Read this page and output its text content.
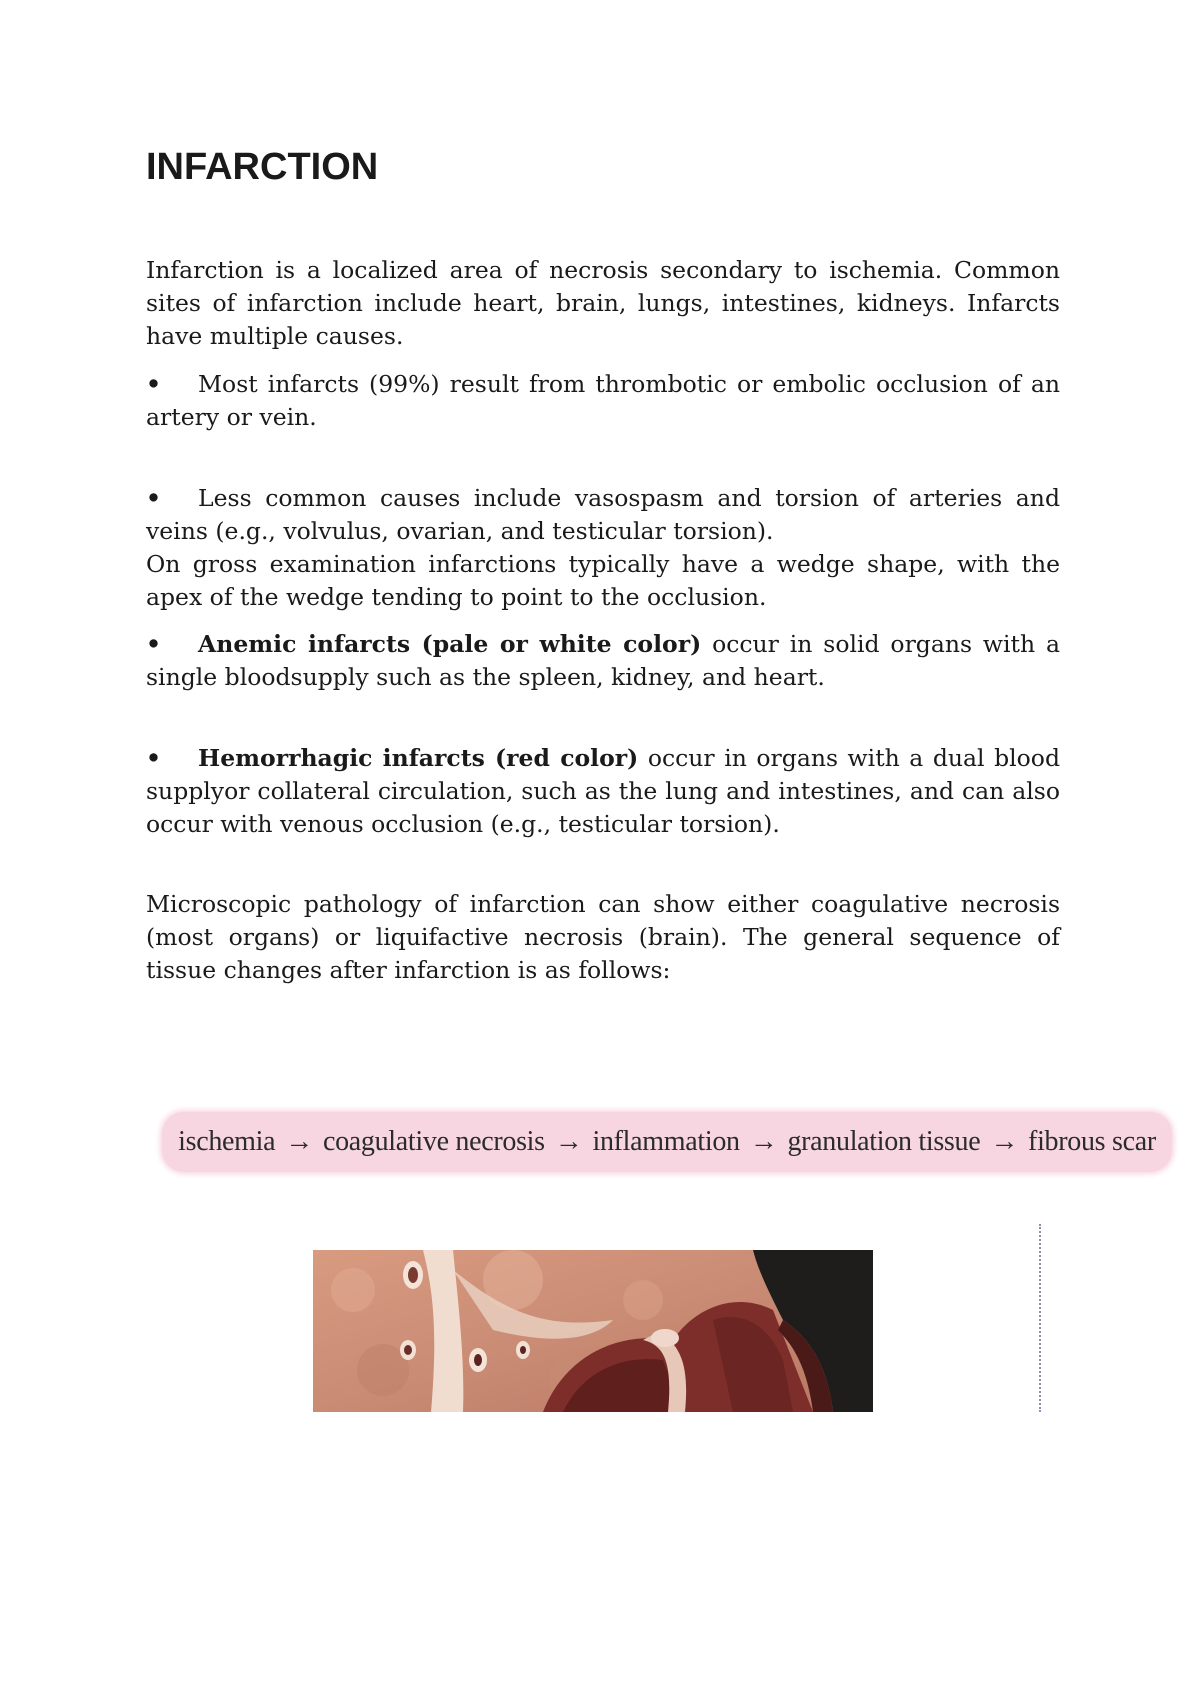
INFARCTION

Infarction is a localized area of necrosis secondary to ischemia. Common sites of infarction include heart, brain, lungs, intestines, kidneys. Infarcts have multiple causes.

• Most infarcts (99%) result from thrombotic or embolic occlusion of an artery or vein.

• Less common causes include vasospasm and torsion of arteries and veins (e.g., volvulus, ovarian, and testicular torsion).

On gross examination infarctions typically have a wedge shape, with the apex of the wedge tending to point to the occlusion.

• Anemic infarcts (pale or white color) occur in solid organs with a single bloodsupply such as the spleen, kidney, and heart.

• Hemorrhagic infarcts (red color) occur in organs with a dual blood supplyor collateral circulation, such as the lung and intestines, and can also occur with venous occlusion (e.g., testicular torsion).

Microscopic pathology of infarction can show either coagulative necrosis (most organs) or liquifactive necrosis (brain). The general sequence of tissue changes after infarction is as follows:

ischemia → coagulative necrosis → inflammation → granulation tissue → fibrous scar
